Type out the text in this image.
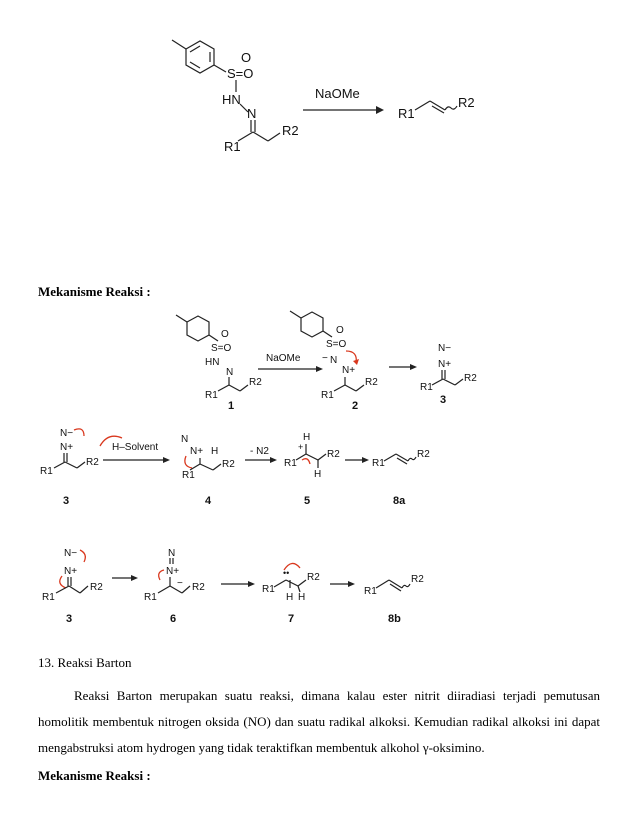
S=O
O
HN
N
R1
R2
NaOMe
R1
R2

Mekanisme Reaksi :

O
S=O
HN
N
R1
R2
1
NaOMe
O
S=O
− N
N+
R1
R2
2
N−
N+
R1
R2
3
N−
N+
R1
R2
3
H–Solvent
N
N+ H
R1
R2
4
- N2	+
H
H
R1
R2
5
R1
R2
8a
N−
N+
R1
R2
3
N
N+
−
R1
R2
6
••
R1
R2
H H
7
R1
R2
8b

13. Reaksi Barton

Reaksi Barton merupakan suatu reaksi, dimana kalau ester nitrit diiradiasi terjadi pemutusan homolitik membentuk nitrogen oksida (NO) dan suatu radikal alkoksi. Kemudian radikal alkoksi ini dapat mengabstruksi atom hydrogen yang tidak teraktifkan membentuk alkohol γ-oksimino.

Mekanisme Reaksi :
